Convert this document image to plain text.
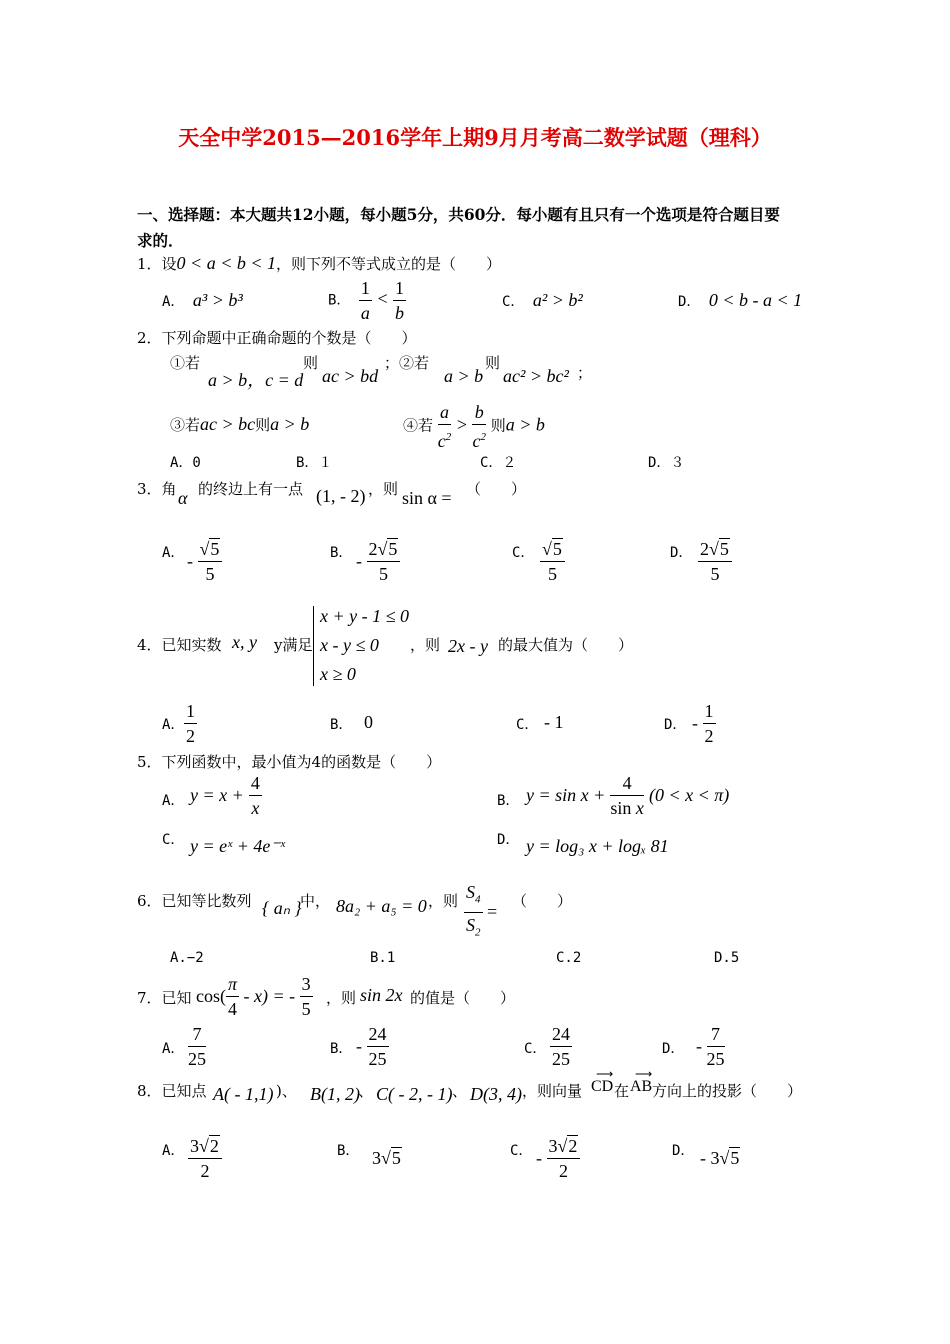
天全中学2015—2016学年上期9月月考高二数学试题（理科）
一、选择题：本大题共12小题，每小题5分，共60分．每小题有且只有一个选项是符合题目要
求的．
1．设0 < a < b < 1，则下列不等式成立的是（　　）
A． a³ > b³	B． $\frac{1}{a} < \frac{1}{b}$	C． a² > b²	D． 0 < b - a < 1
2．下列命题中正确命题的个数是（　　）
①若
a > b，c = d
则
ac > bd
；②若
a > b
则
ac² > bc² ；
③若ac > bc则a > b	④若 $\frac{a}{c^2} > \frac{b}{c^2}$ 则a > b
A．0	B．１	C．２	D．３
3．角 α 的终边上有一点 (1, - 2) ，则 sin α = （　　）
A． - $\frac{√5}{5}$	B． - $\frac{2√5}{5}$	C． $\frac{√5}{5}$	D． $\frac{2√5}{5}$
4．已知实数 x, y y满足
x + y - 1 ≤ 0
x - y ≤ 0
x ≥ 0
，则 2x - y 的最大值为（　　）
A． $\frac{1}{2}$	B． 0	C． - 1	D． - $\frac{1}{2}$
5．下列函数中，最小值为4的函数是（　　）
A． $y = x + \frac{4}{x}$	B． $y = \sin x + \frac{4}{\text{sin x}} (0 < x < \pi)$
C． y = eˣ + 4e⁻ˣ	D． y = log₃ x + logₓ 81
6．已知等比数列 { aₙ }
中， 8a₂ + a₅ = 0 ，则 $\frac{S_4}{S_2}$ =
（　　）
A.−2	B.1	C.2	D.5
7．已知 $\cos( \frac{\pi}{4} - x)$ = - $\frac{3}{5}$ ，则 sin 2x 的值是（　　）
A． $\frac{7}{25}$	B． - $\frac{24}{25}$	C． $\frac{24}{25}$	D． - $\frac{7}{25}$
8．已知点 A( - 1,1) )、 B(1, 2)
、 C( - 2, - 1) 、 D(3, 4) ，则向量
⟶
CD 在
⟶
AB 方向上的投影（　　）
A． $\frac{3√2}{2}$	B． 3√5	C． - $\frac{3√2}{2}$	D． - 3√5
